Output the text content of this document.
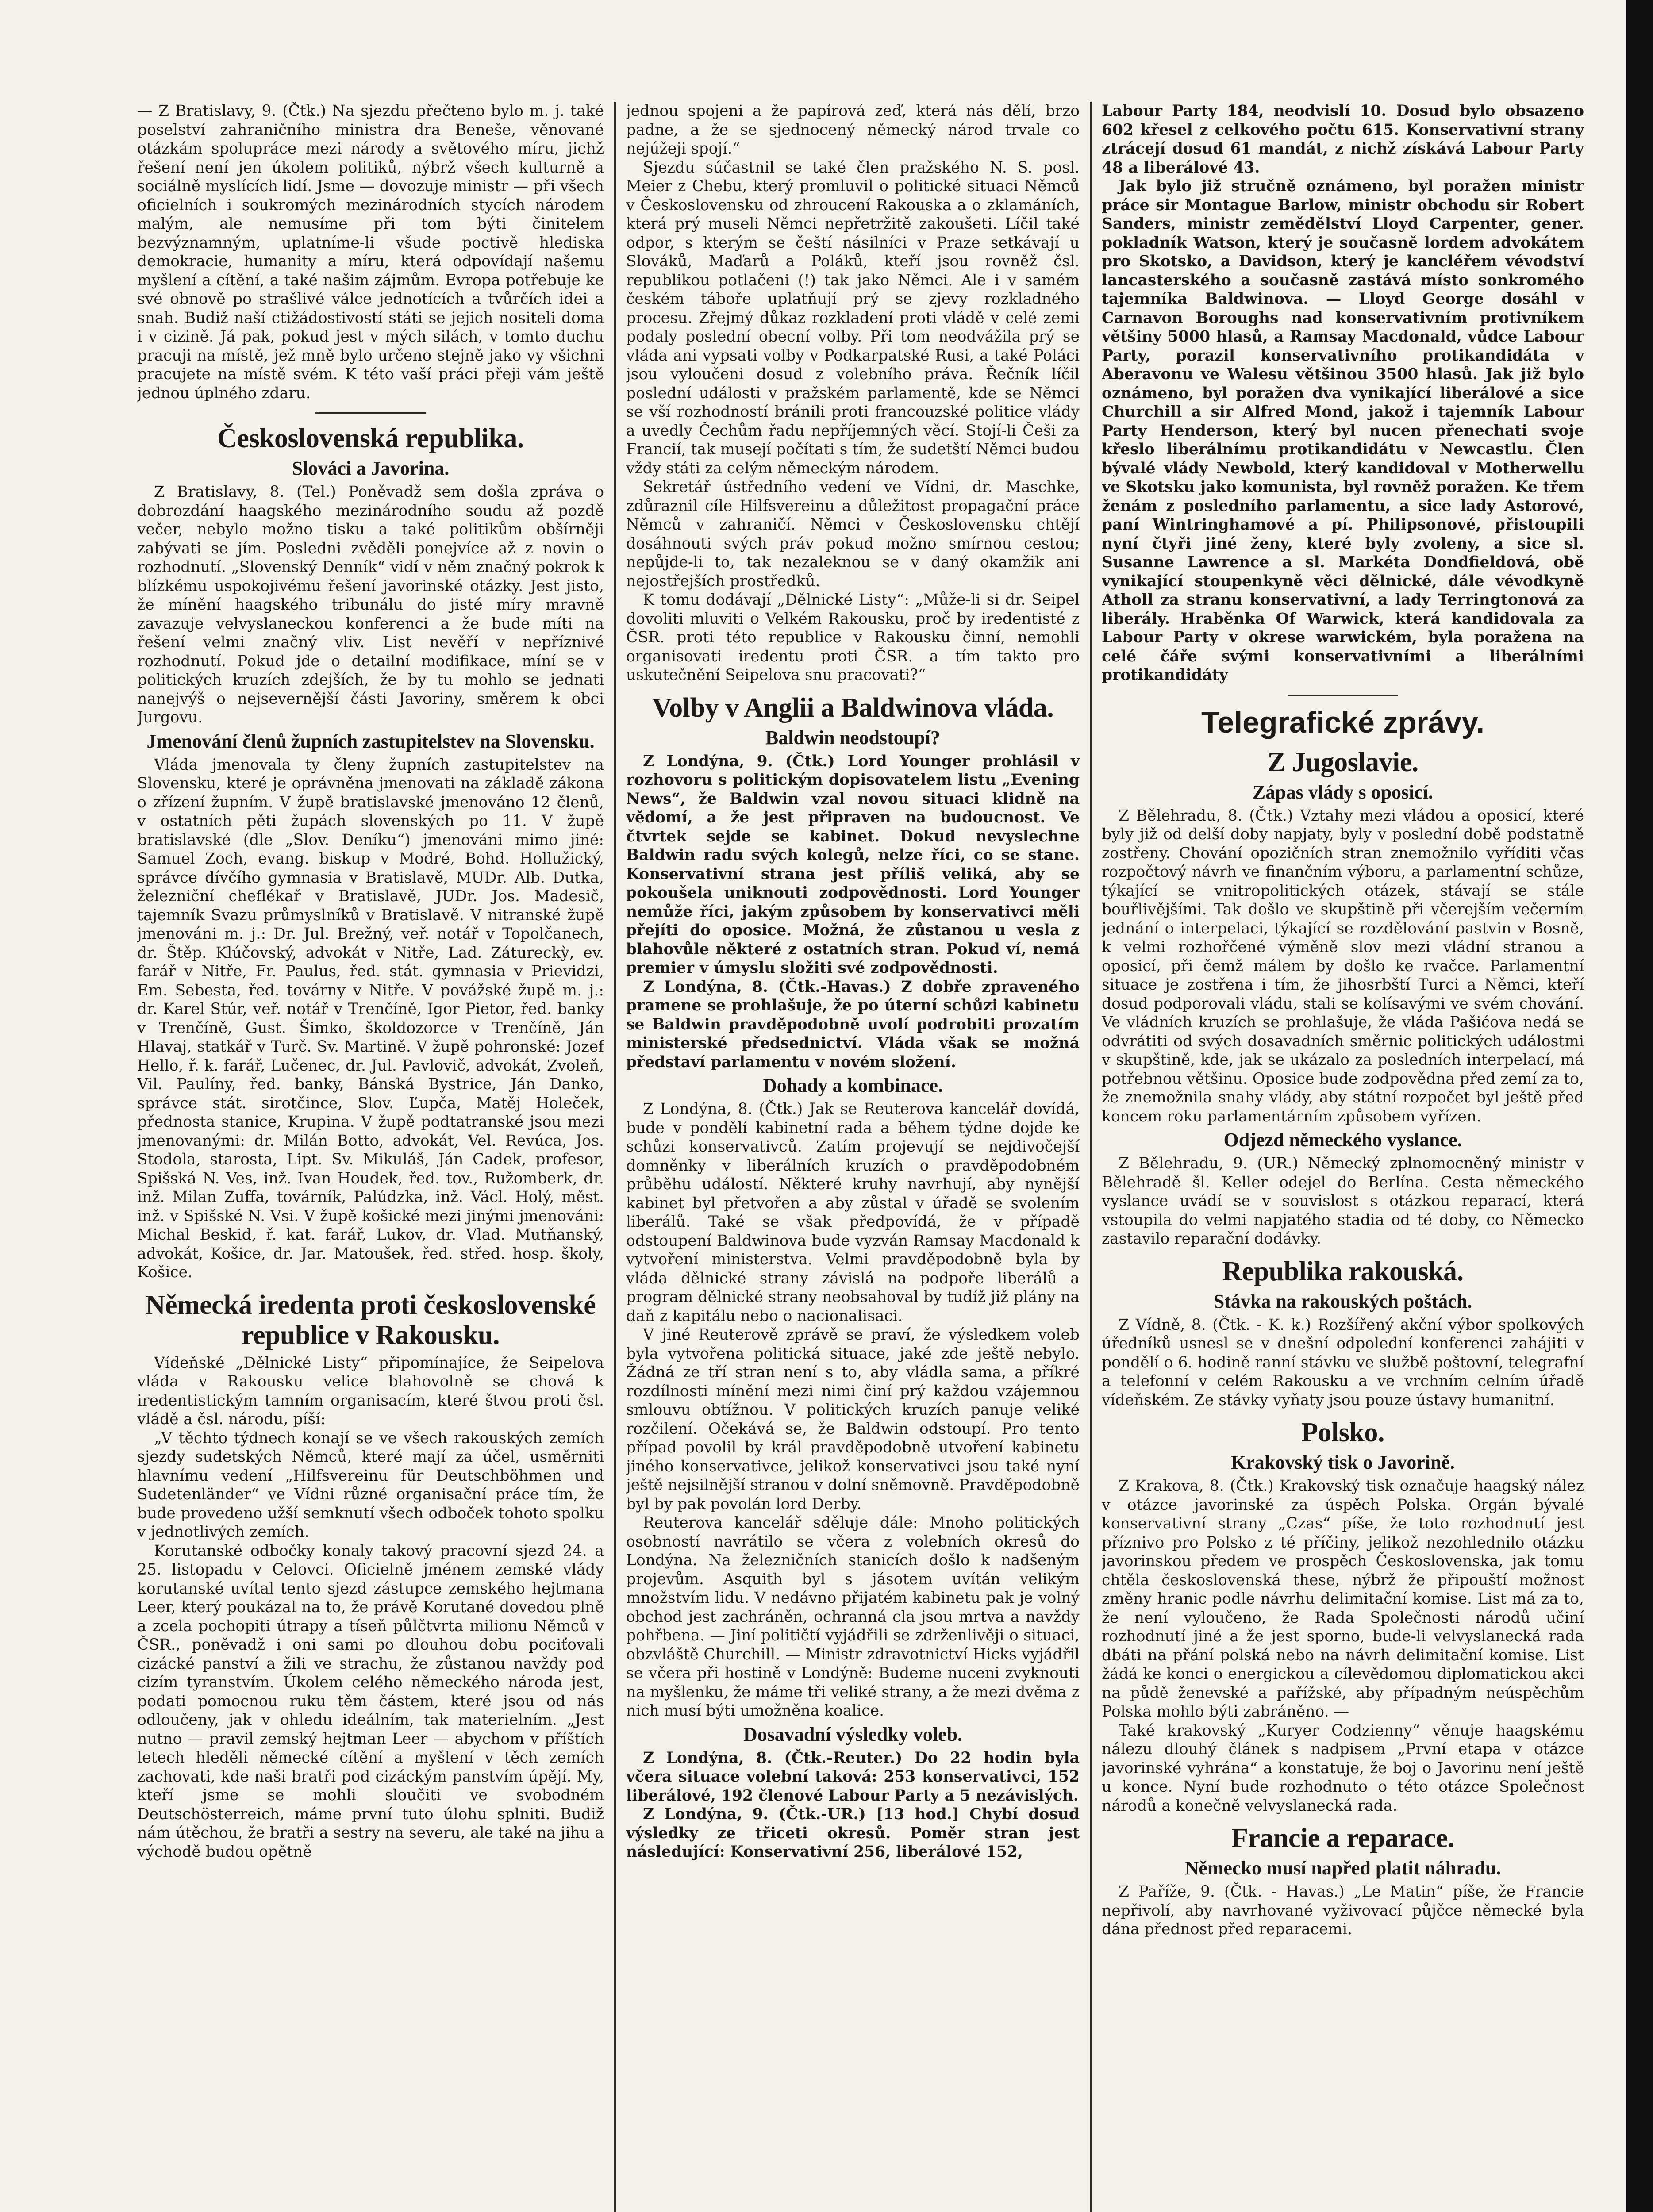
— Z Bratislavy, 9. (Čtk.) Na sjezdu přečteno bylo m. j. také poselství zahraničního ministra dra Beneše, věnované otázkám spolupráce mezi národy a světového míru, jichž řešení není jen úkolem politiků, nýbrž všech kulturně a sociálně myslících lidí. Jsme — dovozuje ministr — při všech oficielních i soukromých mezinárodních stycích národem malým, ale nemusíme při tom býti činitelem bezvýznamným, uplatníme-li všude poctivě hlediska demokracie, humanity a míru, která odpovídají našemu myšlení a cítění, a také našim zájmům. Evropa potřebuje ke své obnově po strašlivé válce jednotících a tvůrčích idei a snah. Budiž naší ctižádostivostí státi se jejich nositeli doma i v cizině. Já pak, pokud jest v mých silách, v tomto duchu pracuji na místě, jež mně bylo určeno stejně jako vy všichni pracujete na místě svém. K této vaší práci přeji vám ještě jednou úplného zdaru.

Československá republika.
Slováci a Javorina.

Z Bratislavy, 8. (Tel.) Poněvadž sem došla zpráva o dobrozdání haagského mezinárodního soudu až pozdě večer, nebylo možno tisku a také politikům obšírněji zabývati se jím. Posledni zvěděli ponejvíce až z novin o rozhodnutí. „Slovenský Denník“ vidí v něm značný pokrok k blízkému uspokojivému řešení javorinské otázky. Jest jisto, že mínění haagského tribunálu do jisté míry mravně zavazuje velvyslaneckou konferenci a že bude míti na řešení velmi značný vliv. List nevěří v nepříznivé rozhodnutí. Pokud jde o detailní modifikace, míní se v politických kruzích zdejších, že by tu mohlo se jednati nanejvýš o nejsevernější části Javoriny, směrem k obci Jurgovu.

Jmenování členů župních zastupitelstev na Slovensku.

Vláda jmenovala ty členy župních zastupitelstev na Slovensku, které je oprávněna jmenovati na základě zákona o zřízení župním. V župě bratislavské jmenováno 12 členů, v ostatních pěti župách slovenských po 11. V župě bratislavské (dle „Slov. Deníku“) jmenováni mimo jiné: Samuel Zoch, evang. biskup v Modré, Bohd. Hollužický, správce dívčího gymnasia v Bratislavě, MUDr. Alb. Dutka, železniční cheflékař v Bratislavě, JUDr. Jos. Madesič, tajemník Svazu průmyslníků v Bratislavě. V nitranské župě jmenováni m. j.: Dr. Jul. Brežný, veř. notář v Topolčanech, dr. Štěp. Klúčovský, advokát v Nitře, Lad. Zátureckỳ, ev. farář v Nitře, Fr. Paulus, řed. stát. gymnasia v Prievidzi, Em. Sebesta, řed. továrny v Nitře. V povážské župě m. j.: dr. Karel Stúr, veř. notář v Trenčíně, Igor Pietor, řed. banky v Trenčíně, Gust. Šimko, školdozorce v Trenčíně, Ján Hlavaj, statkář v Turč. Sv. Martině. V župě pohronské: Jozef Hello, ř. k. farář, Lučenec, dr. Jul. Pavlovič, advokát, Zvoleň, Vil. Paulíny, řed. banky, Bánská Bystrice, Ján Danko, správce stát. sirotčince, Slov. Ľupča, Matěj Holeček, přednosta stanice, Krupina. V župě podtatranské jsou mezi jmenovanými: dr. Milán Botto, advokát, Vel. Revúca, Jos. Stodola, starosta, Lipt. Sv. Mikuláš, Ján Cadek, profesor, Spišská N. Ves, inž. Ivan Houdek, řed. tov., Ružomberk, dr. inž. Milan Zuffa, továrník, Palúdzka, inž. Václ. Holý, měst. inž. v Spišské N. Vsi. V župě košické mezi jinými jmenováni: Michal Beskid, ř. kat. farář, Lukov, dr. Vlad. Mutňanský, advokát, Košice, dr. Jar. Matoušek, řed. střed. hosp. školy, Košice.

Německá iredenta proti československé republice v Rakousku.

Vídeňské „Dělnické Listy“ připomínajíce, že Seipelova vláda v Rakousku velice blahovolně se chová k iredentistickým tamním organisacím, které štvou proti čsl. vládě a čsl. národu, píší:

„V těchto týdnech konají se ve všech rakouských zemích sjezdy sudetských Němců, které mají za účel, usměrniti hlavnímu vedení „Hilfsvereinu für Deutschböhmen und Sudetenländer“ ve Vídni různé organisační práce tím, že bude provedeno užší semknutí všech odboček tohoto spolku v jednotlivých zemích.

Korutanské odbočky konaly takový pracovní sjezd 24. a 25. listopadu v Celovci. Oficielně jménem zemské vlády korutanské uvítal tento sjezd zástupce zemského hejtmana Leer, který poukázal na to, že právě Korutané dovedou plně a zcela pochopiti útrapy a tíseň půlčtvrta milionu Němců v ČSR., poněvadž i oni sami po dlouhou dobu pociťovali cizácké panství a žili ve strachu, že zůstanou navždy pod cizím tyranstvím. Úkolem celého německého národa jest, podati pomocnou ruku těm částem, které jsou od nás odloučeny, jak v ohledu ideálním, tak materielním. „Jest nutno — pravil zemský hejtman Leer — abychom v příštích letech hleděli německé cítění a myšlení v těch zemích zachovati, kde naši bratři pod cizáckým panstvím úpějí. My, kteří jsme se mohli sloučiti ve svobodném Deutschösterreich, máme první tuto úlohu splniti. Budiž nám útěchou, že bratři a sestry na severu, ale také na jihu a východě budou opětně

jednou spojeni a že papírová zeď, která nás dělí, brzo padne, a že se sjednocený německý národ trvale co nejúžeji spojí.“

Sjezdu súčastnil se také člen pražského N. S. posl. Meier z Chebu, který promluvil o politické situaci Němců v Československu od zhroucení Rakouska a o zklamáních, která prý museli Němci nepřetržitě zakoušeti. Líčil také odpor, s kterým se čeští násilníci v Praze setkávají u Slováků, Maďarů a Poláků, kteří jsou rovněž čsl. republikou potlačeni (!) tak jako Němci. Ale i v samém českém táboře uplatňují prý se zjevy rozkladného procesu. Zřejmý důkaz rozkladení proti vládě v celé zemi podaly poslední obecní volby. Při tom neodvážila prý se vláda ani vypsati volby v Podkarpatské Rusi, a také Poláci jsou vyloučeni dosud z volebního práva. Řečník líčil poslední události v pražském parlamentě, kde se Němci se vší rozhodností bránili proti francouzské politice vlády a uvedly Čechům řadu nepříjemných věcí. Stojí-li Češi za Francií, tak musejí počítati s tím, že sudetští Němci budou vždy státi za celým německým národem.

Sekretář ústředního vedení ve Vídni, dr. Maschke, zdůraznil cíle Hilfsvereinu a důležitost propagační práce Němců v zahraničí. Němci v Československu chtějí dosáhnouti svých práv pokud možno smírnou cestou; nepůjde-li to, tak nezaleknou se v daný okamžik ani nejostřejších prostředků.

K tomu dodávají „Dělnické Listy“: „Může-li si dr. Seipel dovoliti mluviti o Velkém Rakousku, proč by iredentisté z ČSR. proti této republice v Rakousku činní, nemohli organisovati iredentu proti ČSR. a tím takto pro uskutečnění Seipelova snu pracovati?“

Volby v Anglii a Baldwinova vláda.
Baldwin neodstoupí?

Z Londýna, 9. (Čtk.) Lord Younger prohlásil v rozhovoru s politickým dopisovatelem listu „Evening News“, že Baldwin vzal novou situaci klidně na vědomí, a že jest připraven na budoucnost. Ve čtvrtek sejde se kabinet. Dokud nevyslechne Baldwin radu svých kolegů, nelze říci, co se stane. Konservativní strana jest příliš veliká, aby se pokoušela uniknouti zodpovědnosti. Lord Younger nemůže říci, jakým způsobem by konservativci měli přejíti do oposice. Možná, že zůstanou u vesla z blahovůle některé z ostatních stran. Pokud ví, nemá premier v úmyslu složiti své zodpovědnosti.

Z Londýna, 8. (Čtk.-Havas.) Z dobře zpraveného pramene se prohlašuje, že po úterní schůzi kabinetu se Baldwin pravděpodobně uvolí podrobiti prozatím ministerské předsednictví. Vláda však se možná představí parlamentu v novém složení.

Dohady a kombinace.

Z Londýna, 8. (Čtk.) Jak se Reuterova kancelář dovídá, bude v pondělí kabinetní rada a během týdne dojde ke schůzi konservativců. Zatím projevují se nejdivočejší domněnky v liberálních kruzích o pravděpodobném průběhu událostí. Některé kruhy navrhují, aby nynější kabinet byl přetvořen a aby zůstal v úřadě se svolením liberálů. Také se však předpovídá, že v případě odstoupení Baldwinova bude vyzván Ramsay Macdonald k vytvoření ministerstva. Velmi pravděpodobně byla by vláda dělnické strany závislá na podpoře liberálů a program dělnické strany neobsahoval by tudíž již plány na daň z kapitálu nebo o nacionalisaci.

V jiné Reuterově zprávě se praví, že výsledkem voleb byla vytvořena politická situace, jaké zde ještě nebylo. Žádná ze tří stran není s to, aby vládla sama, a příkré rozdílnosti mínění mezi nimi činí prý každou vzájemnou smlouvu obtížnou. V politických kruzích panuje veliké rozčilení. Očekává se, že Baldwin odstoupí. Pro tento případ povolil by král pravděpodobně utvoření kabinetu jiného konservativce, jelikož konservativci jsou také nyní ještě nejsilnější stranou v dolní sněmovně. Pravděpodobně byl by pak povolán lord Derby.

Reuterova kancelář sděluje dále: Mnoho politických osobností navrátilo se včera z volebních okresů do Londýna. Na železničních stanicích došlo k nadšeným projevům. Asquith byl s jásotem uvítán velikým množstvím lidu. V nedávno přijatém kabinetu pak je volný obchod jest zachráněn, ochranná cla jsou mrtva a navždy pohřbena. — Jiní političtí vyjádřili se zdrženlivěji o situaci, obzvláště Churchill. — Ministr zdravotnictví Hicks vyjádřil se včera při hostině v Londýně: Budeme nuceni zvyknouti na myšlenku, že máme tři veliké strany, a že mezi dvěma z nich musí býti umožněna koalice.

Dosavadní výsledky voleb.

Z Londýna, 8. (Čtk.-Reuter.) Do 22 hodin byla včera situace volební taková: 253 konservativci, 152 liberálové, 192 členové Labour Party a 5 nezávislých.

Z Londýna, 9. (Čtk.-UR.) [13 hod.] Chybí dosud výsledky ze třiceti okresů. Poměr stran jest následující: Konservativní 256, liberálové 152,

Labour Party 184, neodvislí 10. Dosud bylo obsazeno 602 křesel z celkového počtu 615. Konservativní strany ztrácejí dosud 61 mandát, z nichž získává Labour Party 48 a liberálové 43.

Jak bylo již stručně oznámeno, byl poražen ministr práce sir Montague Barlow, ministr obchodu sir Robert Sanders, ministr zemědělství Lloyd Carpenter, gener. pokladník Watson, který je současně lordem advokátem pro Skotsko, a Davidson, který je kancléřem vévodství lancasterského a současně zastává místo sonkromého tajemníka Baldwinova. — Lloyd George dosáhl v Carnavon Boroughs nad konservativním protivníkem většiny 5000 hlasů, a Ramsay Macdonald, vůdce Labour Party, porazil konservativního protikandidáta v Aberavonu ve Walesu většinou 3500 hlasů. Jak již bylo oznámeno, byl poražen dva vynikající liberálové a sice Churchill a sir Alfred Mond, jakož i tajemník Labour Party Henderson, který byl nucen přenechati svoje křeslo liberálnímu protikandidátu v Newcastlu. Člen bývalé vlády Newbold, který kandidoval v Motherwellu ve Skotsku jako komunista, byl rovněž poražen. Ke třem ženám z posledního parlamentu, a sice lady Astorové, paní Wintringhamové a pí. Philipsonové, přistoupili nyní čtyři jiné ženy, které byly zvoleny, a sice sl. Susanne Lawrence a sl. Markéta Dondfieldová, obě vynikající stoupenkyně věci dělnické, dále vévodkyně Atholl za stranu konservativní, a lady Terringtonová za liberály. Hraběnka Of Warwick, která kandidovala za Labour Party v okrese warwickém, byla poražena na celé čáře svými konservativními a liberálními protikandidáty

Telegrafické zprávy.
Z Jugoslavie.
Zápas vlády s oposicí.

Z Bělehradu, 8. (Čtk.) Vztahy mezi vládou a oposicí, které byly již od delší doby napjaty, byly v poslední době podstatně zostřeny. Chování opozičních stran znemožnilo vyříditi včas rozpočtový návrh ve finančním výboru, a parlamentní schůze, týkající se vnitropolitických otázek, stávají se stále bouřlivějšími. Tak došlo ve skupštině při včerejším večerním jednání o interpelaci, týkající se rozdělování pastvin v Bosně, k velmi rozhořčené výměně slov mezi vládní stranou a oposicí, při čemž málem by došlo ke rvačce. Parlamentní situace je zostřena i tím, že jihosrbští Turci a Němci, kteří dosud podporovali vládu, stali se kolísavými ve svém chování. Ve vládních kruzích se prohlašuje, že vláda Pašićova nedá se odvrátiti od svých dosavadních směrnic politických událostmi v skupštině, kde, jak se ukázalo za posledních interpelací, má potřebnou většinu. Oposice bude zodpovědna před zemí za to, že znemožnila snahy vlády, aby státní rozpočet byl ještě před koncem roku parlamentárním způsobem vyřízen.

Odjezd německého vyslance.

Z Bělehradu, 9. (UR.) Německý zplnomocněný ministr v Bělehradě šl. Keller odejel do Berlína. Cesta německého vyslance uvádí se v souvislost s otázkou reparací, která vstoupila do velmi napjatého stadia od té doby, co Německo zastavilo reparační dodávky.

Republika rakouská.
Stávka na rakouských poštách.

Z Vídně, 8. (Čtk. - K. k.) Rozšířený akční výbor spolkových úředníků usnesl se v dnešní odpolední konferenci zahájiti v pondělí o 6. hodině ranní stávku ve službě poštovní, telegrafní a telefonní v celém Rakousku a ve vrchním celním úřadě vídeňském. Ze stávky vyňaty jsou pouze ústavy humanitní.

Polsko.
Krakovský tisk o Javorině.

Z Krakova, 8. (Čtk.) Krakovský tisk označuje haagský nález v otázce javorinské za úspěch Polska. Orgán bývalé konservativní strany „Czas“ píše, že toto rozhodnutí jest příznivo pro Polsko z té příčiny, jelikož nezohlednilo otázku javorinskou předem ve prospěch Československa, jak tomu chtěla československá these, nýbrž že připouští možnost změny hranic podle návrhu delimitační komise. List má za to, že není vyloučeno, že Rada Společnosti národů učiní rozhodnutí jiné a že jest sporno, bude-li velvyslanecká rada dbáti na přání polská nebo na návrh delimitační komise. List žádá ke konci o energickou a cílevědomou diplomatickou akci na půdě ženevské a pařížské, aby případným neúspěchům Polska mohlo býti zabráněno. —

Také krakovský „Kuryer Codzienny“ věnuje haagskému nálezu dlouhý článek s nadpisem „První etapa v otázce javorinské vyhrána“ a konstatuje, že boj o Javorinu není ještě u konce. Nyní bude rozhodnuto o této otázce Společnost národů a konečně velvyslanecká rada.

Francie a reparace.
Německo musí napřed platit náhradu.

Z Paříže, 9. (Čtk. - Havas.) „Le Matin“ píše, že Francie nepřivolí, aby navrhované vyživovací půjčce německé byla dána přednost před reparacemi.
